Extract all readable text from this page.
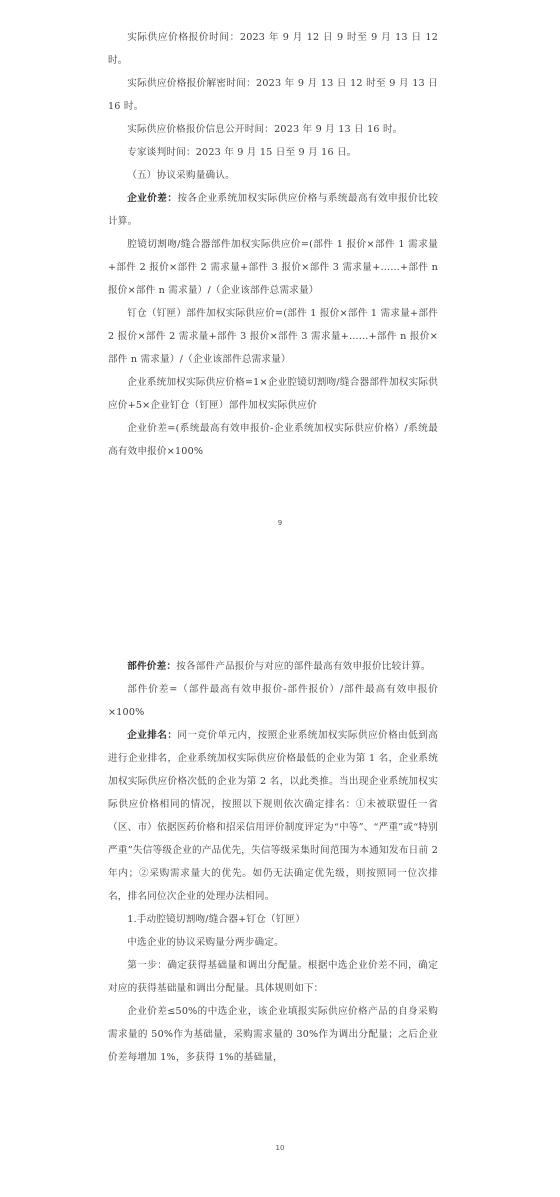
实际供应价格报价时间：2023 年 9 月 12 日 9 时至 9 月 13 日 12 时。

实际供应价格报价解密时间：2023 年 9 月 13 日 12 时至 9 月 13 日 16 时。

实际供应价格报价信息公开时间：2023 年 9 月 13 日 16 时。

专家谈判时间：2023 年 9 月 15 日至 9 月 16 日。

（五）协议采购量确认。

企业价差：按各企业系统加权实际供应价格与系统最高有效申报价比较计算。

腔镜切割吻/缝合器部件加权实际供应价=(部件 1 报价×部件 1 需求量+部件 2 报价×部件 2 需求量+部件 3 报价×部件 3 需求量+……+部件 n 报价×部件 n 需求量）/（企业该部件总需求量）

钉仓（钉匣）部件加权实际供应价=(部件 1 报价×部件 1 需求量+部件 2 报价×部件 2 需求量+部件 3 报价×部件 3 需求量+……+部件 n 报价×部件 n 需求量）/（企业该部件总需求量）

企业系统加权实际供应价格=1×企业腔镜切割吻/缝合器部件加权实际供应价+5×企业钉仓（钉匣）部件加权实际供应价

企业价差=(系统最高有效申报价-企业系统加权实际供应价格）/系统最高有效申报价×100%

9

部件价差：按各部件产品报价与对应的部件最高有效申报价比较计算。

部件价差=（部件最高有效申报价-部件报价）/部件最高有效申报价×100%

企业排名：同一竞价单元内，按照企业系统加权实际供应价格由低到高进行企业排名，企业系统加权实际供应价格最低的企业为第 1 名，企业系统加权实际供应价格次低的企业为第 2 名，以此类推。当出现企业系统加权实际供应价格相同的情况，按照以下规则依次确定排名：①未被联盟任一省（区、市）依据医药价格和招采信用评价制度评定为“中等”、“严重”或“特别严重”失信等级企业的产品优先，失信等级采集时间范围为本通知发布日前 2 年内；②采购需求量大的优先。如仍无法确定优先级，则按照同一位次排名，排名同位次企业的处理办法相同。

1.手动腔镜切割吻/缝合器+钉仓（钉匣）

中选企业的协议采购量分两步确定。

第一步：确定获得基础量和调出分配量。根据中选企业价差不同，确定对应的获得基础量和调出分配量。具体规则如下：

企业价差≤50%的中选企业，该企业填报实际供应价格产品的自身采购需求量的 50%作为基础量，采购需求量的 30%作为调出分配量；之后企业价差每增加 1%，多获得 1%的基础量，

10
